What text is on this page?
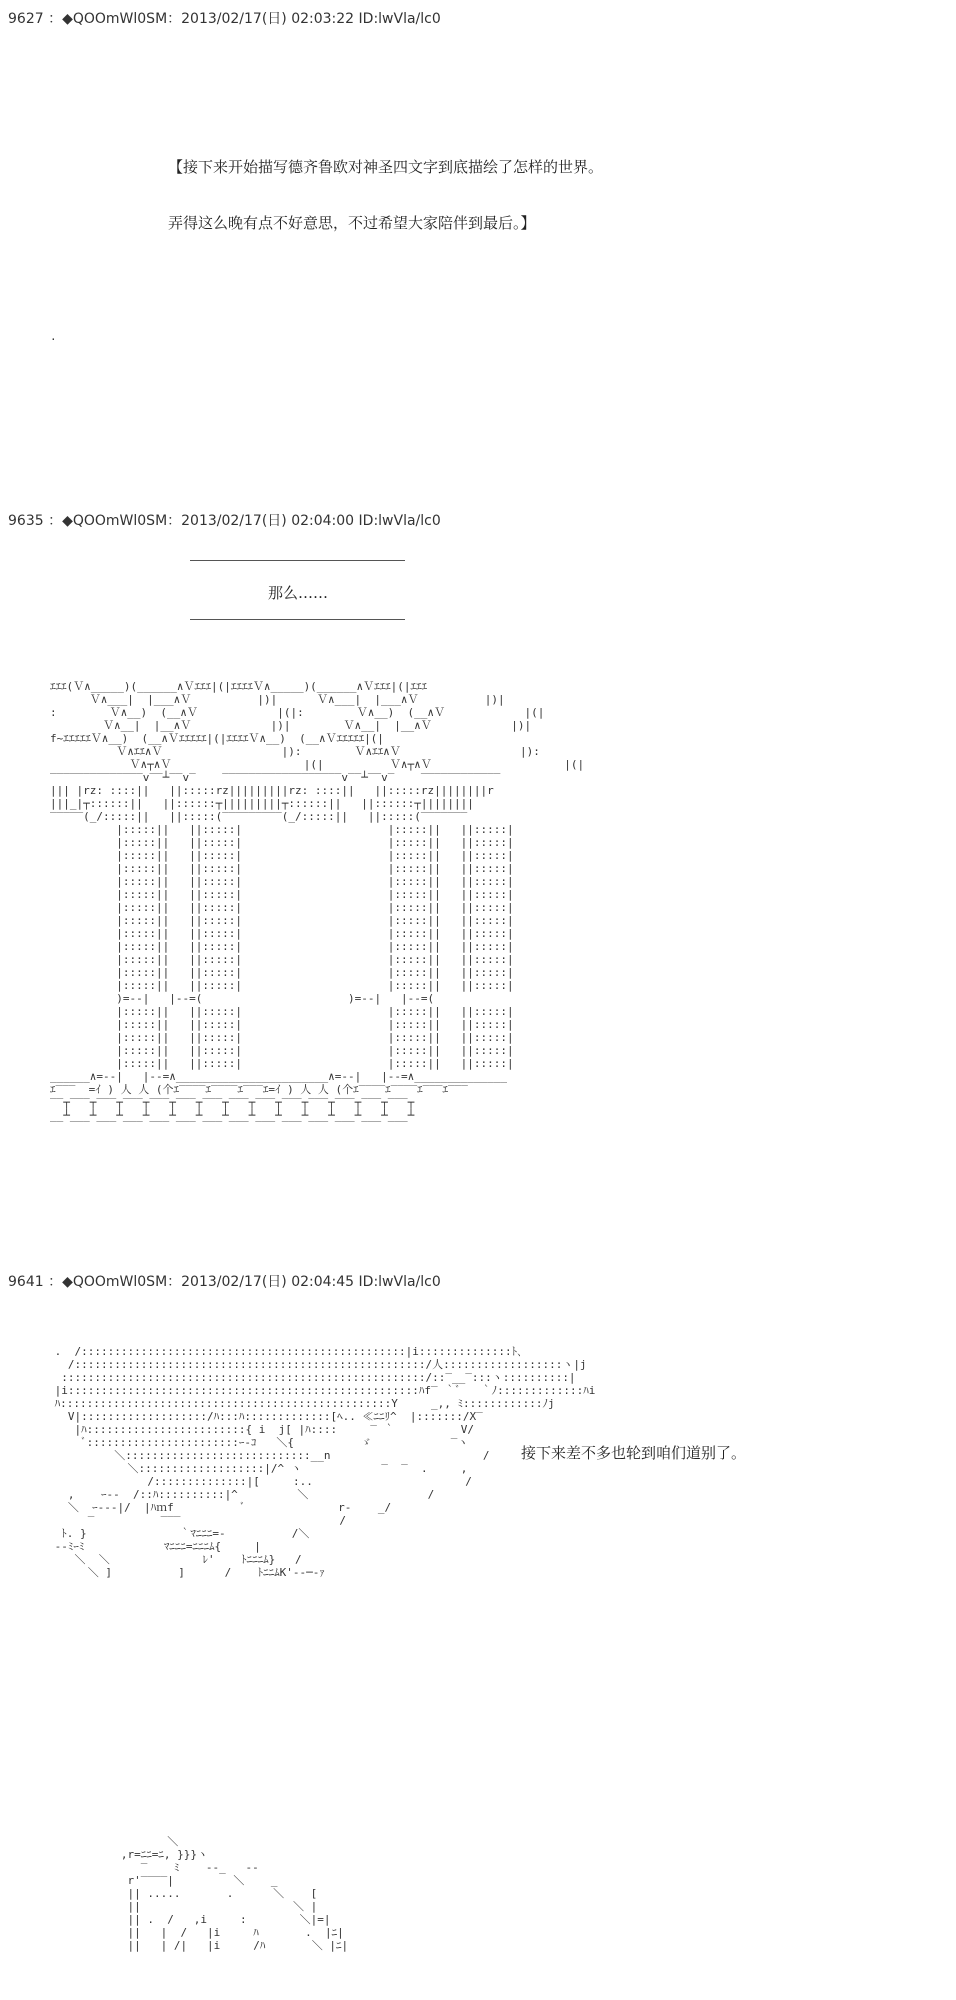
9627 ：◆QOOmWl0SM：2013/02/17(日) 02:03:22 ID:lwVla/lc0
【接下来开始描写德齐鲁欧对神圣四文字到底描绘了怎样的世界。
弄得这么晚有点不好意思，不过希望大家陪伴到最后。】
.
9635 ：◆QOOmWl0SM：2013/02/17(日) 02:04:00 ID:lwVla/lc0
那么……
ｴｴｴ(Ｖ∧_____)(______∧Ｖｴｴｴ|(|ｴｴｴｴＶ∧_____)(______∧Ｖｴｴｴ|(|ｴｴｴ
Ｖ∧___|  |___∧Ｖ          |)|      Ｖ∧___|  |___∧Ｖ          |)|
:        Ｖ∧__)  (__∧Ｖ            |(|:        Ｖ∧__)  (__∧Ｖ            |(|
Ｖ∧__|  |__∧Ｖ            |)|        Ｖ∧__|  |__∧Ｖ            |)|
f~ｴｴｴｴｴＶ∧__)  (__∧Ｖｴｴｴｴｴ|(|ｴｴｴｴＶ∧__)  (__∧Ｖｴｴｴｴｴ|(|
Ｖ∧ｴｴ∧Ｖ                  |):        Ｖ∧ｴｴ∧Ｖ                  |):
Ｖ∧┬∧Ｖ                    |(|          Ｖ∧┬∧Ｖ                    |(|
‾‾‾‾‾‾‾‾‾‾‾‾‾‾v‾‾┴‾‾v‾    ‾‾‾‾‾‾‾‾‾‾‾‾‾‾‾‾‾‾v‾‾┴‾‾v‾    ‾‾‾‾‾‾‾‾‾‾‾‾
||| |rz: ::::||   ||:::::rz|||||||||rz: ::::||   ||:::::rz||||||||r
|||_|┬::::::||   ||::::::┬|||||||||┬::::::||   ||::::::┬||||||||
‾‾‾‾‾(_/:::::||   ||:::::(‾‾‾‾‾‾‾‾‾(_/:::::||   ||:::::(‾‾‾‾‾‾‾
|:::::||   ||:::::|                      |:::::||   ||:::::|
|:::::||   ||:::::|                      |:::::||   ||:::::|
|:::::||   ||:::::|                      |:::::||   ||:::::|
|:::::||   ||:::::|                      |:::::||   ||:::::|
|:::::||   ||:::::|                      |:::::||   ||:::::|
|:::::||   ||:::::|                      |:::::||   ||:::::|
|:::::||   ||:::::|                      |:::::||   ||:::::|
|:::::||   ||:::::|                      |:::::||   ||:::::|
|:::::||   ||:::::|                      |:::::||   ||:::::|
|:::::||   ||:::::|                      |:::::||   ||:::::|
|:::::||   ||:::::|                      |:::::||   ||:::::|
|:::::||   ||:::::|                      |:::::||   ||:::::|
|:::::||   ||:::::|                      |:::::||   ||:::::|
)=--|   |--=(                      )=--|   |--=(
|:::::||   ||:::::|                      |:::::||   ||:::::|
|:::::||   ||:::::|                      |:::::||   ||:::::|
|:::::||   ||:::::|                      |:::::||   ||:::::|
|:::::||   ||:::::|                      |:::::||   ||:::::|
|:::::||   ||:::::|                      |:::::||   ||:::::|
______∧=--|   |--=∧_______________________∧=--|   |--=∧______________
ｴ‾‾‾  =ｲ ) 人 人 (个ｴ‾‾‾‾ｴ‾‾‾‾ｴ‾‾‾ｴ=ｲ ) 人 人 (个ｴ‾‾‾‾ｴ‾‾‾‾ｴ‾‾‾ｴ‾‾‾
‾‾┬‾‾‾┬‾‾‾┬‾‾‾┬‾‾‾┬‾‾‾┬‾‾‾┬‾‾‾┬‾‾‾┬‾‾‾┬‾‾‾┬‾‾‾┬‾‾‾┬‾‾‾┬
__┴___┴___┴___┴___┴___┴___┴___┴___┴___┴___┴___┴___┴___┴

9641 ：◆QOOmWl0SM：2013/02/17(日) 02:04:45 ID:lwVla/lc0
接下来差不多也轮到咱们道别了。
.  /:::::::::::::::::::::::::::::::::::::::::::::::::|i::::::::::::::ﾄ､
/:::::::::::::::::::::::::::::::::::::::::::::::::::::/人::::::::::::::::::ヽ|j
:::::::::::::::::::::::::::::::::::::::::::::::::::::::/::‾__‾:::ヽ::::::::::|
|i:::::::::::::::::::::::::::::::::::::::::::::::::::::ﾊf‾ ｀ﾞ   ｀ﾉ:::::::::::::ﾊi
ﾊ::::::::::::::::::::::::::::::::::::::::::::::::::Y     _,, ﾐ::::::::::::ﾉj
V|:::::::::::::::::::/ﾊ:::ﾊ:::::::::::::[ﾍ.. ≪ﾆﾆﾘ^  |:::::::/X‾
|ﾊ::::::::::::::::::::::::{ i  j[ |ﾊ::::     ‾ ｀          V/
ﾞ:::::::::::::::::::::::ｰ-ｺ   ＼{          ゞ            ‾ヽ
＼::::::::::::::::::::::::::::__n                       /
＼:::::::::::::::::::|/^ ヽ            ‾  ‾  .     ,
/::::::::::::::|[     :..                       /
,    ｰ-‐  /::ﾊ::::::::::|^         ＼                  /
＼  ｰ---|/  |ﾊｍf          ﾞ              r‐    _/
‾          ‾‾‾                        /
ﾄ. }              ｀ﾏﾆﾆﾆ=-          /＼
--ﾐｰﾐ            ﾏﾆﾆﾆ=ﾆﾆﾆﾑ{     |
＼  ＼              ﾚ'    ﾄﾆﾆﾆﾑ}   /
＼ ]          ]      /    ﾄﾆﾆﾑK'-‐─‐ｧ

＼
,r=ﾆﾆ=ﾆ, }}}ヽ
‾    ﾐ    ‐‐_   ‐‐
r'‾‾‾‾|         ＼    _
|| .....       .      ＼    [
||                       ＼ |
|| .  /   ,i     :        ＼|=|
||   |  /   |i     ﾊ       .  |ﾆ|
||   | /|   |i     /ﾊ       ＼ |ﾆ|
